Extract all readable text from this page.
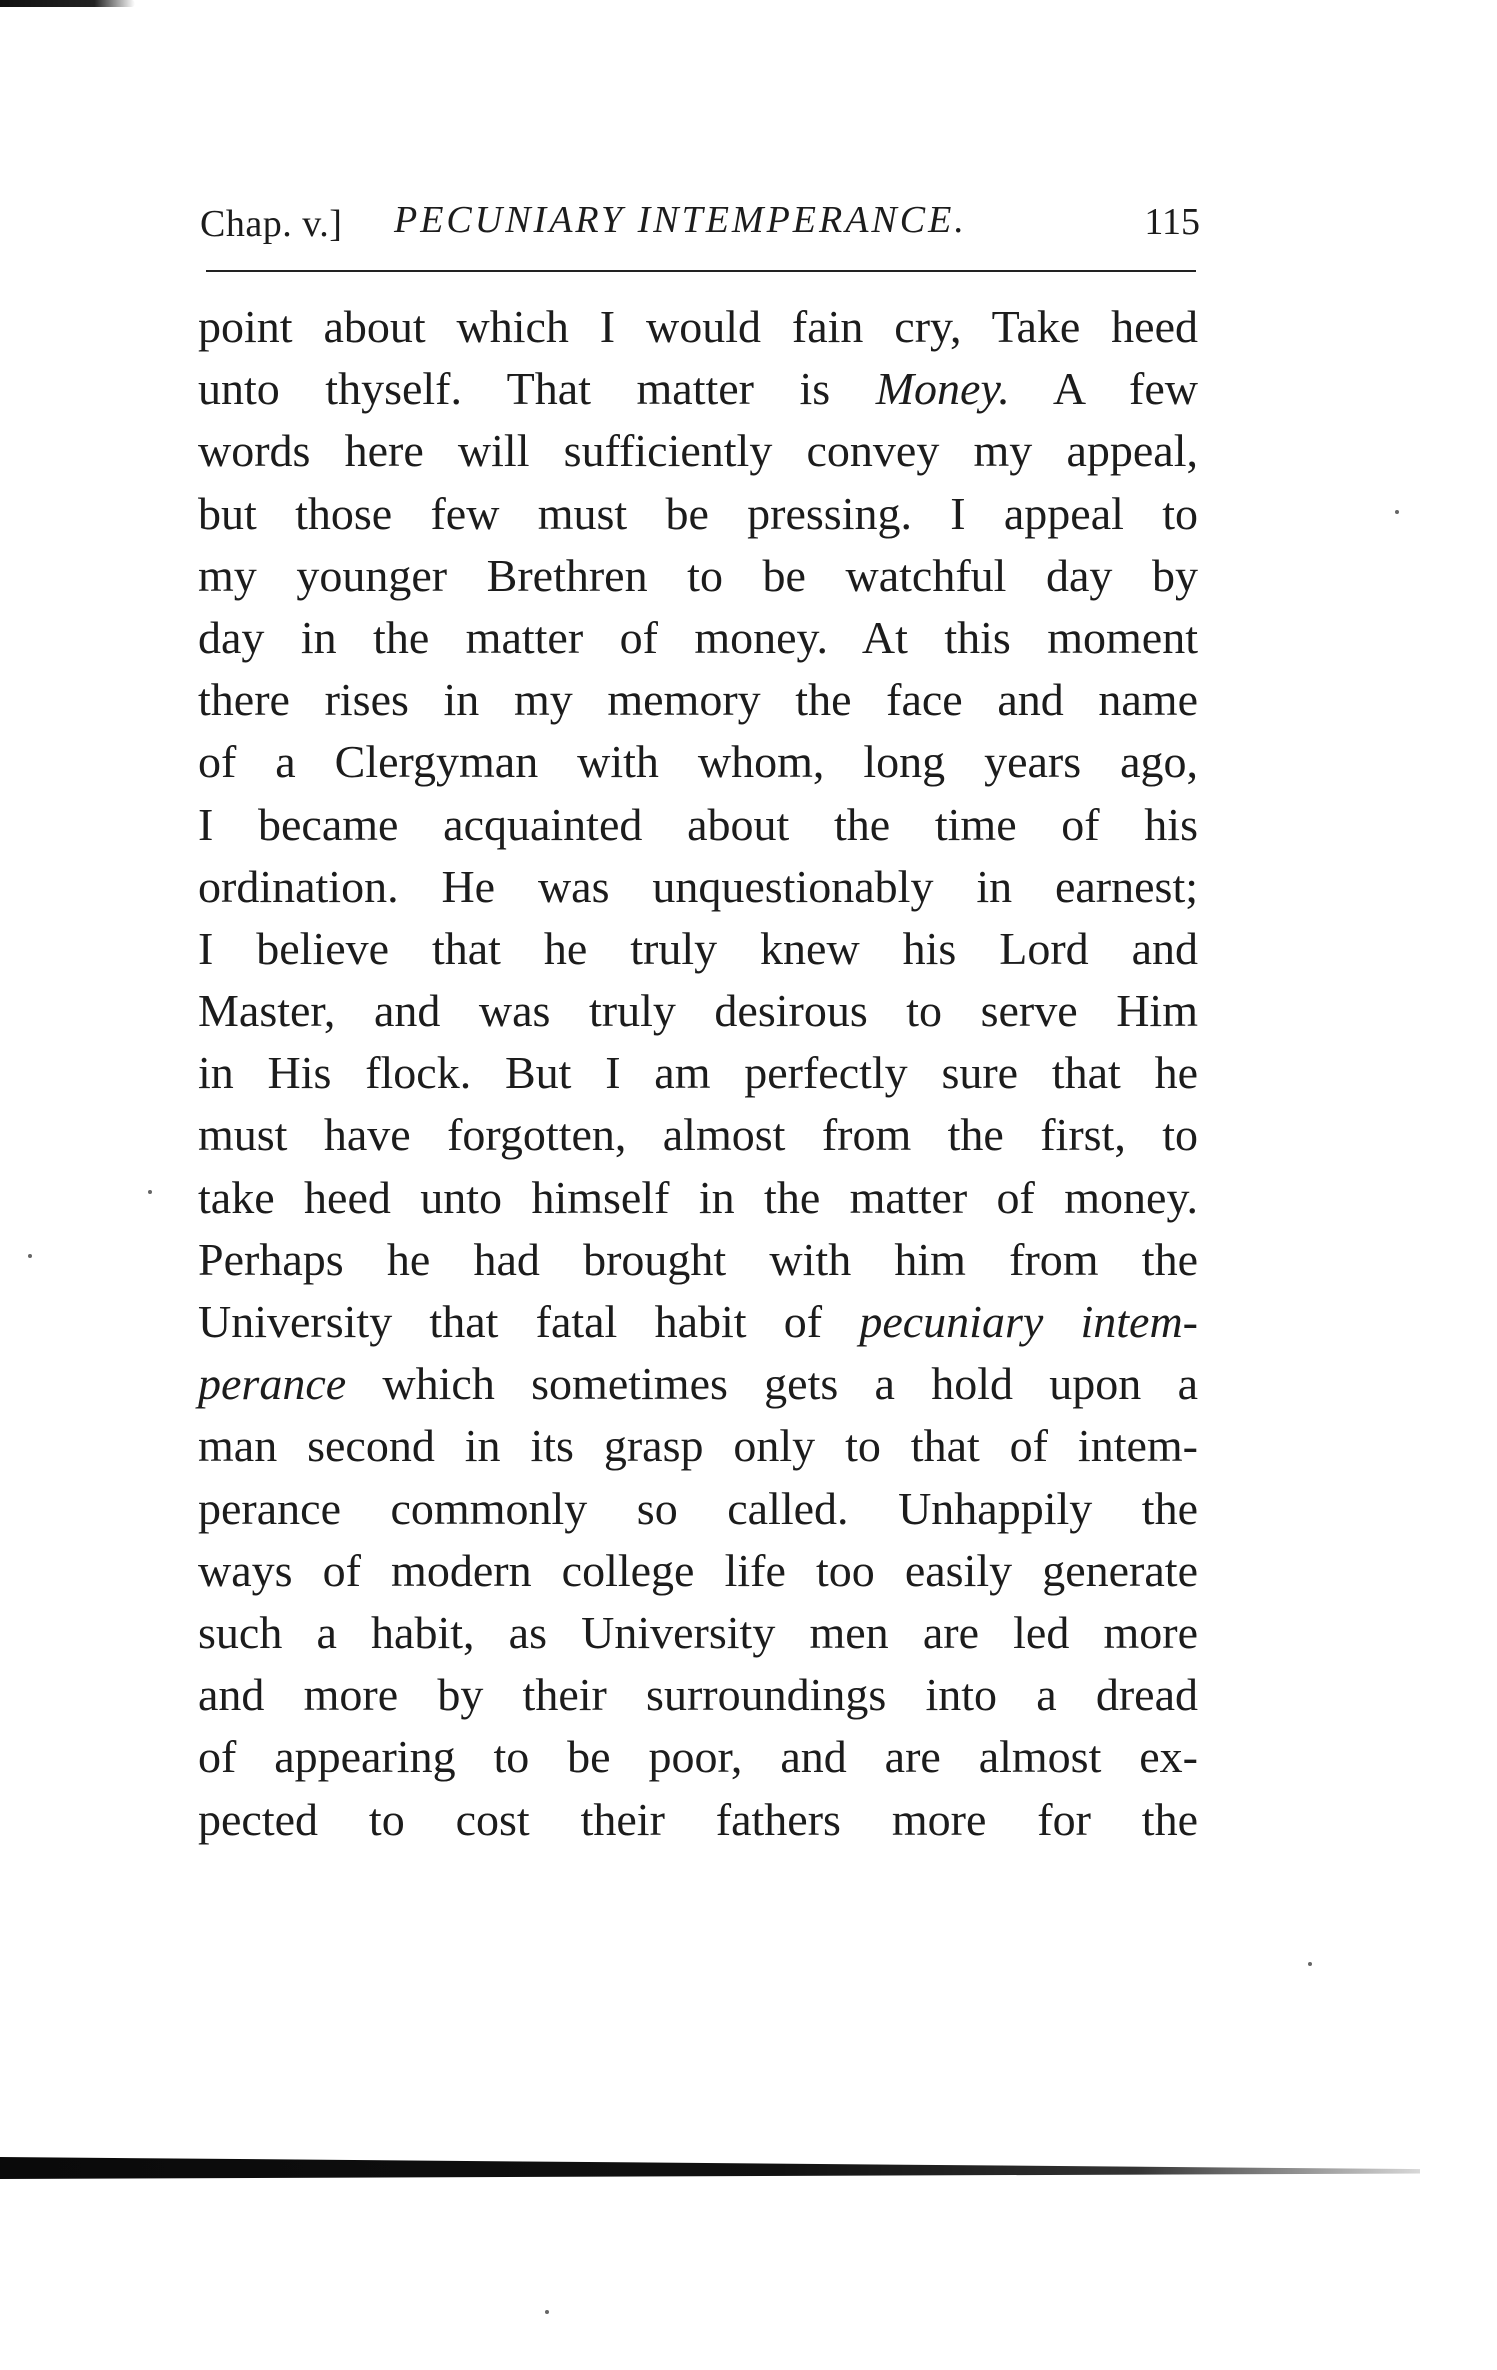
Chap. v.] PECUNIARY INTEMPERANCE.	115
point about which I would fain cry, Take heed
unto thyself. That matter is Money. A few
words here will sufficiently convey my appeal,
but those few must be pressing. I appeal to
my younger Brethren to be watchful day by
day in the matter of money. At this moment
there rises in my memory the face and name
of a Clergyman with whom, long years ago,
I became acquainted about the time of his
ordination. He was unquestionably in earnest;
I believe that he truly knew his Lord and
Master, and was truly desirous to serve Him
in His flock. But I am perfectly sure that he
must have forgotten, almost from the first, to
take heed unto himself in the matter of money.
Perhaps he had brought with him from the
University that fatal habit of pecuniary intem-
perance which sometimes gets a hold upon a
man second in its grasp only to that of intem-
perance commonly so called. Unhappily the
ways of modern college life too easily generate
such a habit, as University men are led more
and more by their surroundings into a dread
of appearing to be poor, and are almost ex-
pected to cost their fathers more for the
